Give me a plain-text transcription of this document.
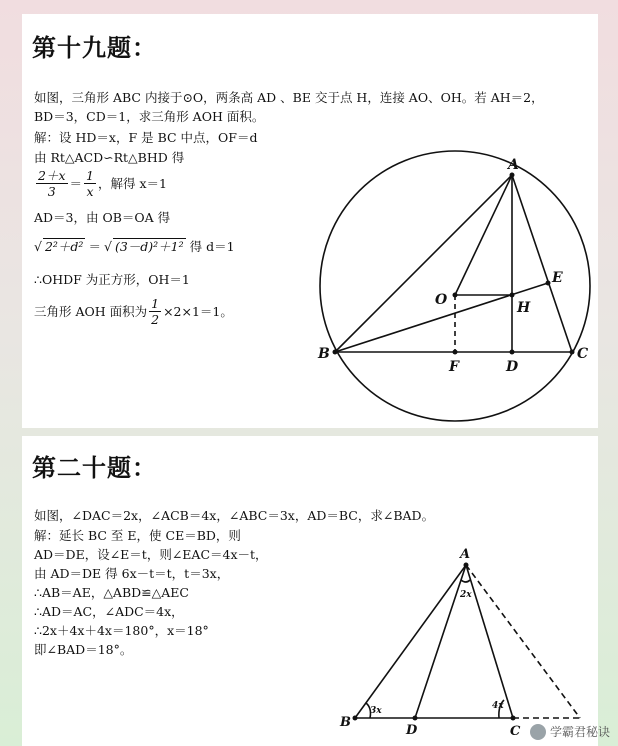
第十九题：
如图，三角形 ABC 内接于⊙O，两条高 AD 、BE 交于点 H，连接 AO、OH。若 AH＝2，
BD＝3，CD＝1，求三角形 AOH 面积。
解：设 HD＝x，F 是 BC 中点，OF＝d
由 Rt△ACD∽Rt△BHD 得
$\frac{2+x}{3} = \frac{1}{x}$ ，解得 x＝1
AD＝3，由 OB＝OA 得
√ 2²＋d² ＝ √ (3－d)²＋1² 得 d＝1
∴OHDF 为正方形，OH＝1
三角形 AOH 面积为 $\frac{1}{2} \times 2\times 1=1$。
A
B	C
D
E
F
H
O
第二十题：
如图，∠DAC＝2x，∠ACB＝4x，∠ABC＝3x，AD＝BC，求∠BAD。
解：延长 BC 至 E，使 CE＝BD，则
AD＝DE，设∠E＝t，则∠EAC＝4x－t，
由 AD＝DE 得 6x－t＝t，t＝3x，
∴AB＝AE，△ABD≌△AEC
∴AD＝AC，∠ADC＝4x，
∴2x＋4x＋4x＝180°，x＝18°
即∠BAD＝18°。
A
B
D	C
2x
3x	4x
学霸君秘诀
